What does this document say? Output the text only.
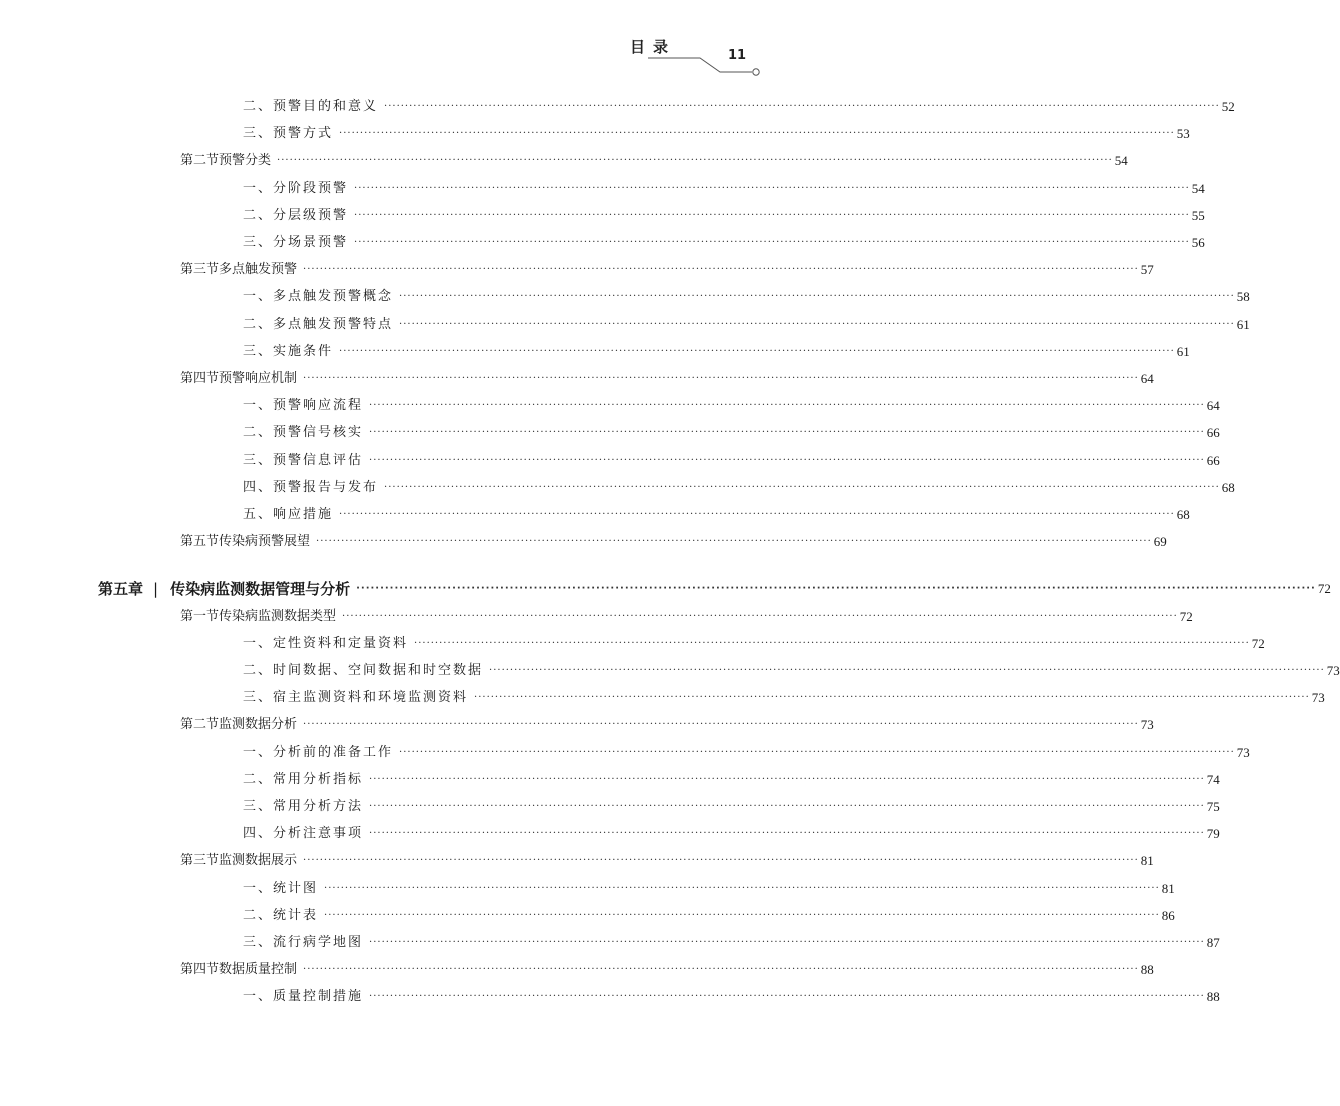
目录	11
二、 预警目的和意义 ········································································································································································································ 52
三、 预警方式 ········································································································································································································ 53
第二节 预警分类 ········································································································································································································ 54
一、 分阶段预警 ········································································································································································································ 54
二、 分层级预警 ········································································································································································································ 55
三、 分场景预警 ········································································································································································································ 56
第三节 多点触发预警 ········································································································································································································ 57
一、 多点触发预警概念 ········································································································································································································ 58
二、 多点触发预警特点 ········································································································································································································ 61
三、 实施条件 ········································································································································································································ 61
第四节 预警响应机制 ········································································································································································································ 64
一、 预警响应流程 ········································································································································································································ 64
二、 预警信号核实 ········································································································································································································ 66
三、 预警信息评估 ········································································································································································································ 66
四、 预警报告与发布 ········································································································································································································ 68
五、 响应措施 ········································································································································································································ 68
第五节 传染病预警展望 ········································································································································································································ 69
第五章 | 传染病监测数据管理与分析 ········································································································································································································ 72
第一节 传染病监测数据类型 ········································································································································································································ 72
一、 定性资料和定量资料 ········································································································································································································ 72
二、 时间数据、空间数据和时空数据 ········································································································································································································ 73
三、 宿主监测资料和环境监测资料 ········································································································································································································ 73
第二节 监测数据分析 ········································································································································································································ 73
一、 分析前的准备工作 ········································································································································································································ 73
二、 常用分析指标 ········································································································································································································ 74
三、 常用分析方法 ········································································································································································································ 75
四、 分析注意事项 ········································································································································································································ 79
第三节 监测数据展示 ········································································································································································································ 81
一、 统计图 ········································································································································································································ 81
二、 统计表 ········································································································································································································ 86
三、 流行病学地图 ········································································································································································································ 87
第四节 数据质量控制 ········································································································································································································ 88
一、 质量控制措施 ········································································································································································································ 88
